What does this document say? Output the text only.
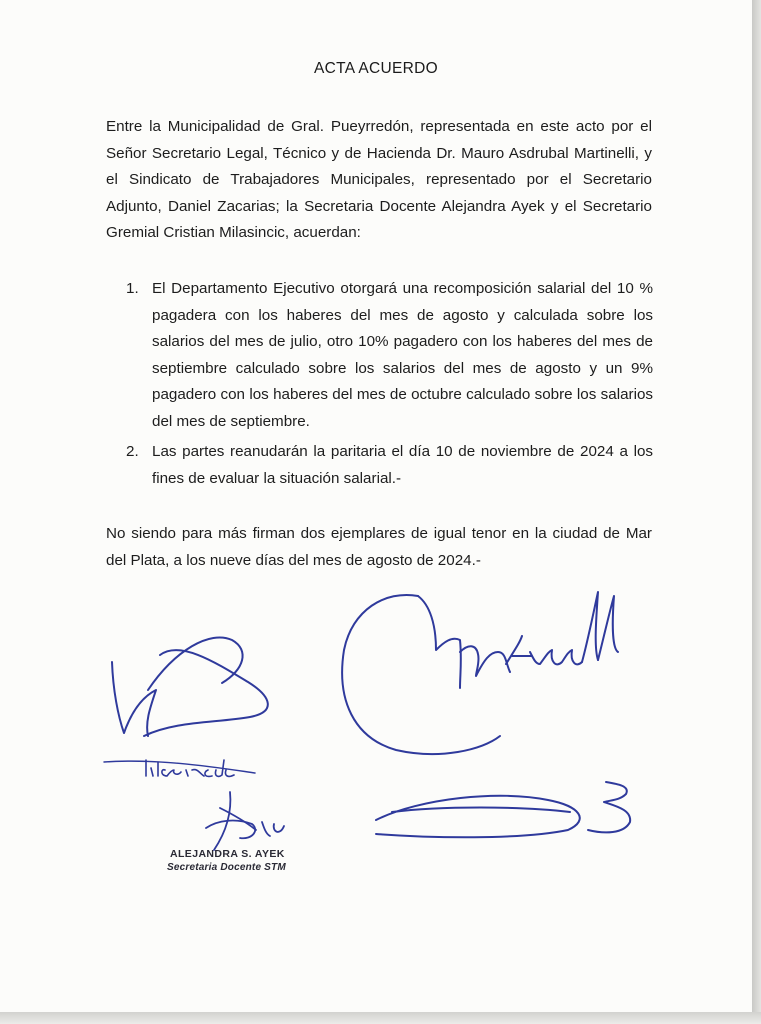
ACTA ACUERDO
Entre la Municipalidad de Gral. Pueyrredón, representada en este acto por el Señor Secretario Legal, Técnico y de Hacienda Dr. Mauro Asdrubal Martinelli, y el Sindicato de Trabajadores Municipales, representado por el Secretario Adjunto, Daniel Zacarias; la Secretaria Docente Alejandra Ayek y el Secretario Gremial Cristian Milasincic, acuerdan:
1. El Departamento Ejecutivo otorgará una recomposición salarial del 10 % pagadera con los haberes del mes de agosto y calculada sobre los salarios del mes de julio, otro 10% pagadero con los haberes del mes de septiembre calculado sobre los salarios del mes de agosto y un 9% pagadero con los haberes del mes de octubre calculado sobre los salarios del mes de septiembre.
2. Las partes reanudarán la paritaria el día 10 de noviembre de 2024 a los fines de evaluar la situación salarial.-
No siendo para más firman dos ejemplares de igual tenor en la ciudad de Mar del Plata, a los nueve días del mes de agosto de 2024.-
ALEJANDRA S. AYEK
Secretaria Docente STM
